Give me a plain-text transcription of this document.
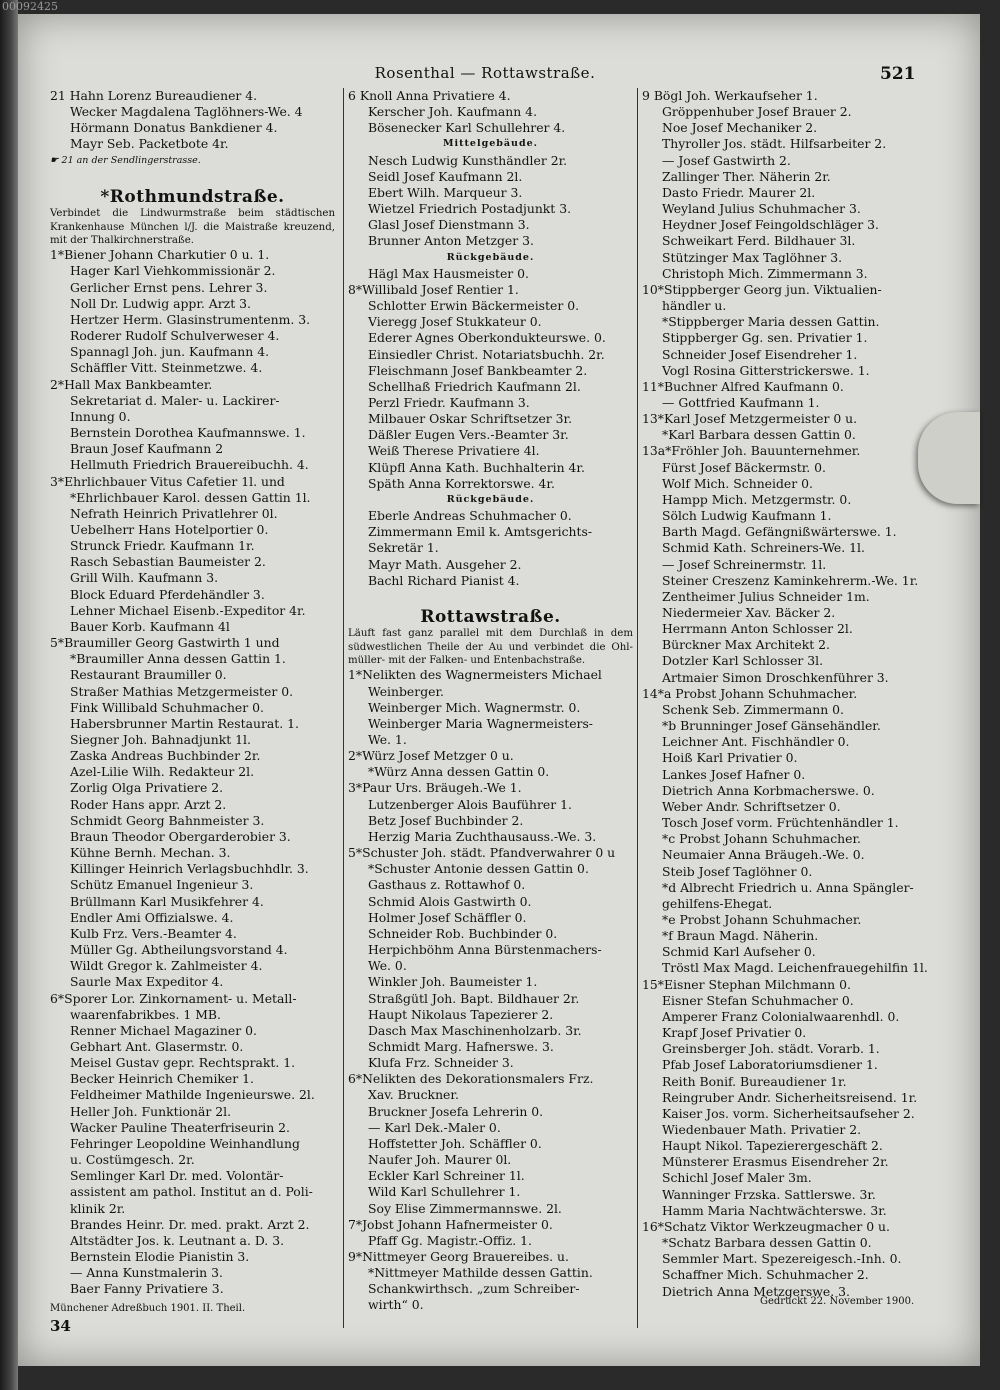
00092425
Rosenthal — Rottawstraße.	521
21 Hahn Lorenz Bureaudiener 4.
Wecker Magdalena Taglöhners-We. 4
Hörmann Donatus Bankdiener 4.
Mayr Seb. Packetbote 4r.
☛ 21 an der Sendlingerstrasse.

*Rothmundstraße.
Verbindet die Lindwurmstraße beim städtischen Krankenhause München l/J. die Maistraße kreuzend, mit der Thalkirchnerstraße.
1*Biener Johann Charkutier 0 u. 1.
Hager Karl Viehkommissionär 2.
Gerlicher Ernst pens. Lehrer 3.
Noll Dr. Ludwig appr. Arzt 3.
Hertzer Herm. Glasinstrumentenm. 3.
Roderer Rudolf Schulverweser 4.
Spannagl Joh. jun. Kaufmann 4.
Schäffler Vitt. Steinmetzwe. 4.
2*Hall Max Bankbeamter.
Sekretariat d. Maler- u. Lackirer-
Innung 0.
Bernstein Dorothea Kaufmannswe. 1.
Braun Josef Kaufmann 2
Hellmuth Friedrich Brauereibuchh. 4.
3*Ehrlichbauer Vitus Cafetier 1l. und
*Ehrlichbauer Karol. dessen Gattin 1l.
Nefrath Heinrich Privatlehrer 0l.
Uebelherr Hans Hotelportier 0.
Strunck Friedr. Kaufmann 1r.
Rasch Sebastian Baumeister 2.
Grill Wilh. Kaufmann 3.
Block Eduard Pferdehändler 3.
Lehner Michael Eisenb.-Expeditor 4r.
Bauer Korb. Kaufmann 4l
5*Braumiller Georg Gastwirth 1 und
*Braumiller Anna dessen Gattin 1.
Restaurant Braumiller 0.
Straßer Mathias Metzgermeister 0.
Fink Willibald Schuhmacher 0.
Habersbrunner Martin Restaurat. 1.
Siegner Joh. Bahnadjunkt 1l.
Zaska Andreas Buchbinder 2r.
Azel-Lilie Wilh. Redakteur 2l.
Zorlig Olga Privatiere 2.
Roder Hans appr. Arzt 2.
Schmidt Georg Bahnmeister 3.
Braun Theodor Obergarderobier 3.
Kühne Bernh. Mechan. 3.
Killinger Heinrich Verlagsbuchhdlr. 3.
Schütz Emanuel Ingenieur 3.
Brüllmann Karl Musikfehrer 4.
Endler Ami Offizialswe. 4.
Kulb Frz. Vers.-Beamter 4.
Müller Gg. Abtheilungsvorstand 4.
Wildt Gregor k. Zahlmeister 4.
Saurle Max Expeditor 4.
6*Sporer Lor. Zinkornament- u. Metall-
waarenfabrikbes. 1 MB.
Renner Michael Magaziner 0.
Gebhart Ant. Glasermstr. 0.
Meisel Gustav gepr. Rechtsprakt. 1.
Becker Heinrich Chemiker 1.
Feldheimer Mathilde Ingenieurswe. 2l.
Heller Joh. Funktionär 2l.
Wacker Pauline Theaterfriseurin 2.
Fehringer Leopoldine Weinhandlung
u. Costümgesch. 2r.
Semlinger Karl Dr. med. Volontär-
assistent am pathol. Institut an d. Poli-
klinik 2r.
Brandes Heinr. Dr. med. prakt. Arzt 2.
Altstädter Jos. k. Leutnant a. D. 3.
Bernstein Elodie Pianistin 3.
— Anna Kunstmalerin 3.
Baer Fanny Privatiere 3.
Münchener Adreßbuch 1901. II. Theil.
34
6 Knoll Anna Privatiere 4.
Kerscher Joh. Kaufmann 4.
Bösenecker Karl Schullehrer 4.
Mittelgebäude.
Nesch Ludwig Kunsthändler 2r.
Seidl Josef Kaufmann 2l.
Ebert Wilh. Marqueur 3.
Wietzel Friedrich Postadjunkt 3.
Glasl Josef Dienstmann 3.
Brunner Anton Metzger 3.
Rückgebäude.
Hägl Max Hausmeister 0.
8*Willibald Josef Rentier 1.
Schlotter Erwin Bäckermeister 0.
Vieregg Josef Stukkateur 0.
Ederer Agnes Oberkondukteurswe. 0.
Einsiedler Christ. Notariatsbuchh. 2r.
Fleischmann Josef Bankbeamter 2.
Schellhaß Friedrich Kaufmann 2l.
Perzl Friedr. Kaufmann 3.
Milbauer Oskar Schriftsetzer 3r.
Däßler Eugen Vers.-Beamter 3r.
Weiß Therese Privatiere 4l.
Klüpfl Anna Kath. Buchhalterin 4r.
Späth Anna Korrektorswe. 4r.
Rückgebäude.
Eberle Andreas Schuhmacher 0.
Zimmermann Emil k. Amtsgerichts-
Sekretär 1.
Mayr Math. Ausgeher 2.
Bachl Richard Pianist 4.

Rottawstraße.
Läuft fast ganz parallel mit dem Durchlaß in dem südwestlichen Theile der Au und verbindet die Ohl-müller- mit der Falken- und Entenbachstraße.
1*Nelikten des Wagnermeisters Michael
Weinberger.
Weinberger Mich. Wagnermstr. 0.
Weinberger Maria Wagnermeisters-
We. 1.
2*Würz Josef Metzger 0 u.
*Würz Anna dessen Gattin 0.
3*Paur Urs. Bräugeh.-We 1.
Lutzenberger Alois Bauführer 1.
Betz Josef Buchbinder 2.
Herzig Maria Zuchthausauss.-We. 3.
5*Schuster Joh. städt. Pfandverwahrer 0 u
*Schuster Antonie dessen Gattin 0.
Gasthaus z. Rottawhof 0.
Schmid Alois Gastwirth 0.
Holmer Josef Schäffler 0.
Schneider Rob. Buchbinder 0.
Herpichböhm Anna Bürstenmachers-
We. 0.
Winkler Joh. Baumeister 1.
Straßgütl Joh. Bapt. Bildhauer 2r.
Haupt Nikolaus Tapezierer 2.
Dasch Max Maschinenholzarb. 3r.
Schmidt Marg. Hafnerswe. 3.
Klufa Frz. Schneider 3.
6*Nelikten des Dekorationsmalers Frz.
Xav. Bruckner.
Bruckner Josefa Lehrerin 0.
— Karl Dek.-Maler 0.
Hoffstetter Joh. Schäffler 0.
Naufer Joh. Maurer 0l.
Eckler Karl Schreiner 1l.
Wild Karl Schullehrer 1.
Soy Elise Zimmermannswe. 2l.
7*Jobst Johann Hafnermeister 0.
Pfaff Gg. Magistr.-Offiz. 1.
9*Nittmeyer Georg Brauereibes. u.
*Nittmeyer Mathilde dessen Gattin.
Schankwirthsch. „zum Schreiber-
wirth“ 0.
9 Bögl Joh. Werkaufseher 1.
Gröppenhuber Josef Brauer 2.
Noe Josef Mechaniker 2.
Thyroller Jos. städt. Hilfsarbeiter 2.
— Josef Gastwirth 2.
Zallinger Ther. Näherin 2r.
Dasto Friedr. Maurer 2l.
Weyland Julius Schuhmacher 3.
Heydner Josef Feingoldschläger 3.
Schweikart Ferd. Bildhauer 3l.
Stützinger Max Taglöhner 3.
Christoph Mich. Zimmermann 3.
10*Stippberger Georg jun. Viktualien-
händler u.
*Stippberger Maria dessen Gattin.
Stippberger Gg. sen. Privatier 1.
Schneider Josef Eisendreher 1.
Vogl Rosina Gitterstrickerswe. 1.
11*Buchner Alfred Kaufmann 0.
— Gottfried Kaufmann 1.
13*Karl Josef Metzgermeister 0 u.
*Karl Barbara dessen Gattin 0.
13a*Fröhler Joh. Bauunternehmer.
Fürst Josef Bäckermstr. 0.
Wolf Mich. Schneider 0.
Hampp Mich. Metzgermstr. 0.
Sölch Ludwig Kaufmann 1.
Barth Magd. Gefängnißwärterswe. 1.
Schmid Kath. Schreiners-We. 1l.
— Josef Schreinermstr. 1l.
Steiner Creszenz Kaminkehrerm.-We. 1r.
Zentheimer Julius Schneider 1m.
Niedermeier Xav. Bäcker 2.
Herrmann Anton Schlosser 2l.
Bürckner Max Architekt 2.
Dotzler Karl Schlosser 3l.
Artmaier Simon Droschkenführer 3.
14*a Probst Johann Schuhmacher.
Schenk Seb. Zimmermann 0.
*b Brunninger Josef Gänsehändler.
Leichner Ant. Fischhändler 0.
Hoiß Karl Privatier 0.
Lankes Josef Hafner 0.
Dietrich Anna Korbmacherswe. 0.
Weber Andr. Schriftsetzer 0.
Tosch Josef vorm. Früchtenhändler 1.
*c Probst Johann Schuhmacher.
Neumaier Anna Bräugeh.-We. 0.
Steib Josef Taglöhner 0.
*d Albrecht Friedrich u. Anna Spängler-
gehilfens-Ehegat.
*e Probst Johann Schuhmacher.
*f Braun Magd. Näherin.
Schmid Karl Aufseher 0.
Tröstl Max Magd. Leichenfrauegehilfin 1l.
15*Eisner Stephan Milchmann 0.
Eisner Stefan Schuhmacher 0.
Amperer Franz Colonialwaarenhdl. 0.
Krapf Josef Privatier 0.
Greinsberger Joh. städt. Vorarb. 1.
Pfab Josef Laboratoriumsdiener 1.
Reith Bonif. Bureaudiener 1r.
Reingruber Andr. Sicherheitsreisend. 1r.
Kaiser Jos. vorm. Sicherheitsaufseher 2.
Wiedenbauer Math. Privatier 2.
Haupt Nikol. Tapezierergeschäft 2.
Münsterer Erasmus Eisendreher 2r.
Schichl Josef Maler 3m.
Wanninger Frzska. Sattlerswe. 3r.
Hamm Maria Nachtwächterswe. 3r.
16*Schatz Viktor Werkzeugmacher 0 u.
*Schatz Barbara dessen Gattin 0.
Semmler Mart. Spezereigesch.-Inh. 0.
Schaffner Mich. Schuhmacher 2.
Dietrich Anna Metzgerswe. 3.
Gedruckt 22. November 1900.
